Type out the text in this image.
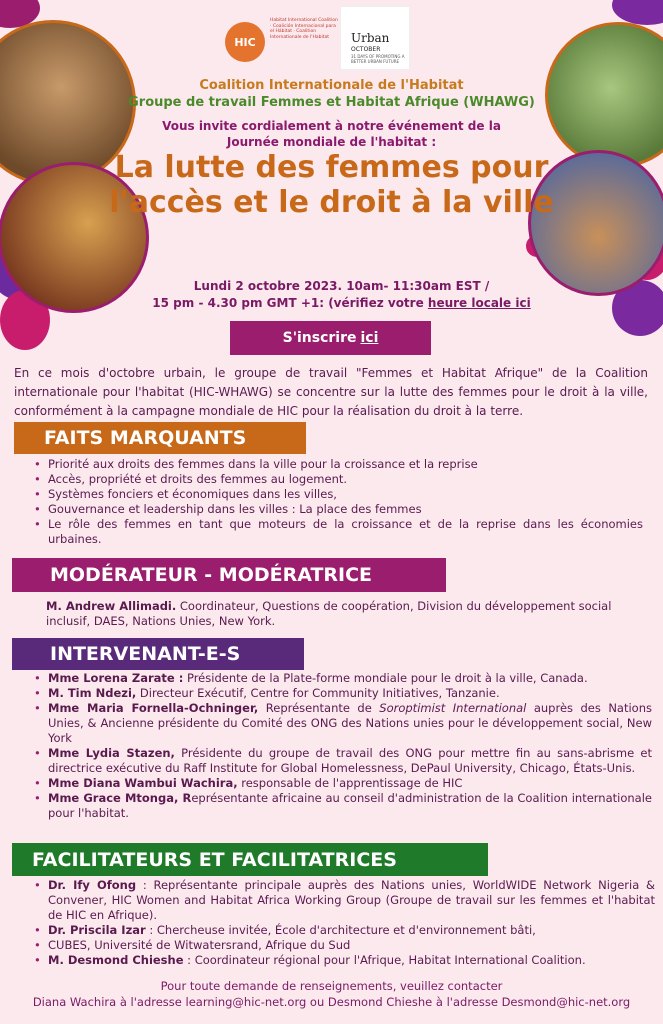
HIC
Habitat International Coalition · Coalición Internacional para el Hábitat · Coalition Internationale de l'Habitat	Urban
OCTOBER
31 DAYS OF PROMOTING A BETTER URBAN FUTURE
Coalition Internationale de l'Habitat
Groupe de travail Femmes et Habitat Afrique (WHAWG)
Vous invite cordialement à notre événement de la Journée mondiale de l'habitat :
La lutte des femmes pour l'accès et le droit à la ville
Lundi 2 octobre 2023. 10am- 11:30am EST /
15 pm - 4.30 pm GMT +1: (vérifiez votre heure locale ici
S'inscrire ici
En ce mois d'octobre urbain, le groupe de travail "Femmes et Habitat Afrique" de la Coalition internationale pour l'habitat (HIC-WHAWG) se concentre sur la lutte des femmes pour le droit à la ville, conformément à la campagne mondiale de HIC pour la réalisation du droit à la terre.
FAITS MARQUANTS
• Priorité aux droits des femmes dans la ville pour la croissance et la reprise
• Accès, propriété et droits des femmes au logement.
• Systèmes fonciers et économiques dans les villes,
• Gouvernance et leadership dans les villes : La place des femmes
• Le rôle des femmes en tant que moteurs de la croissance et de la reprise dans les économies urbaines.
MODÉRATEUR - MODÉRATRICE
M. Andrew Allimadi. Coordinateur, Questions de coopération, Division du développement social inclusif, DAES, Nations Unies, New York.
INTERVENANT-E-S
• Mme Lorena Zarate : Présidente de la Plate-forme mondiale pour le droit à la ville, Canada.
• M. Tim Ndezi, Directeur Exécutif, Centre for Community Initiatives, Tanzanie.
• Mme Maria Fornella-Ochninger, Représentante de Soroptimist International auprès des Nations Unies, & Ancienne présidente du Comité des ONG des Nations unies pour le développement social, New York
• Mme Lydia Stazen, Présidente du groupe de travail des ONG pour mettre fin au sans-abrisme et directrice exécutive du Raff Institute for Global Homelessness, DePaul University, Chicago, États-Unis.
• Mme Diana Wambui Wachira, responsable de l'apprentissage de HIC
• Mme Grace Mtonga, Représentante africaine au conseil d'administration de la Coalition internationale pour l'habitat.
FACILITATEURS ET FACILITATRICES
• Dr. Ify Ofong : Représentante principale auprès des Nations unies, WorldWIDE Network Nigeria & Convener, HIC Women and Habitat Africa Working Group (Groupe de travail sur les femmes et l'habitat de HIC en Afrique).
• Dr. Priscila Izar : Chercheuse invitée, École d'architecture et d'environnement bâti,
• CUBES, Université de Witwatersrand, Afrique du Sud
• M. Desmond Chieshe : Coordinateur régional pour l'Afrique, Habitat International Coalition.
Pour toute demande de renseignements, veuillez contacter
Diana Wachira à l'adresse learning@hic-net.org ou Desmond Chieshe à l'adresse Desmond@hic-net.org
